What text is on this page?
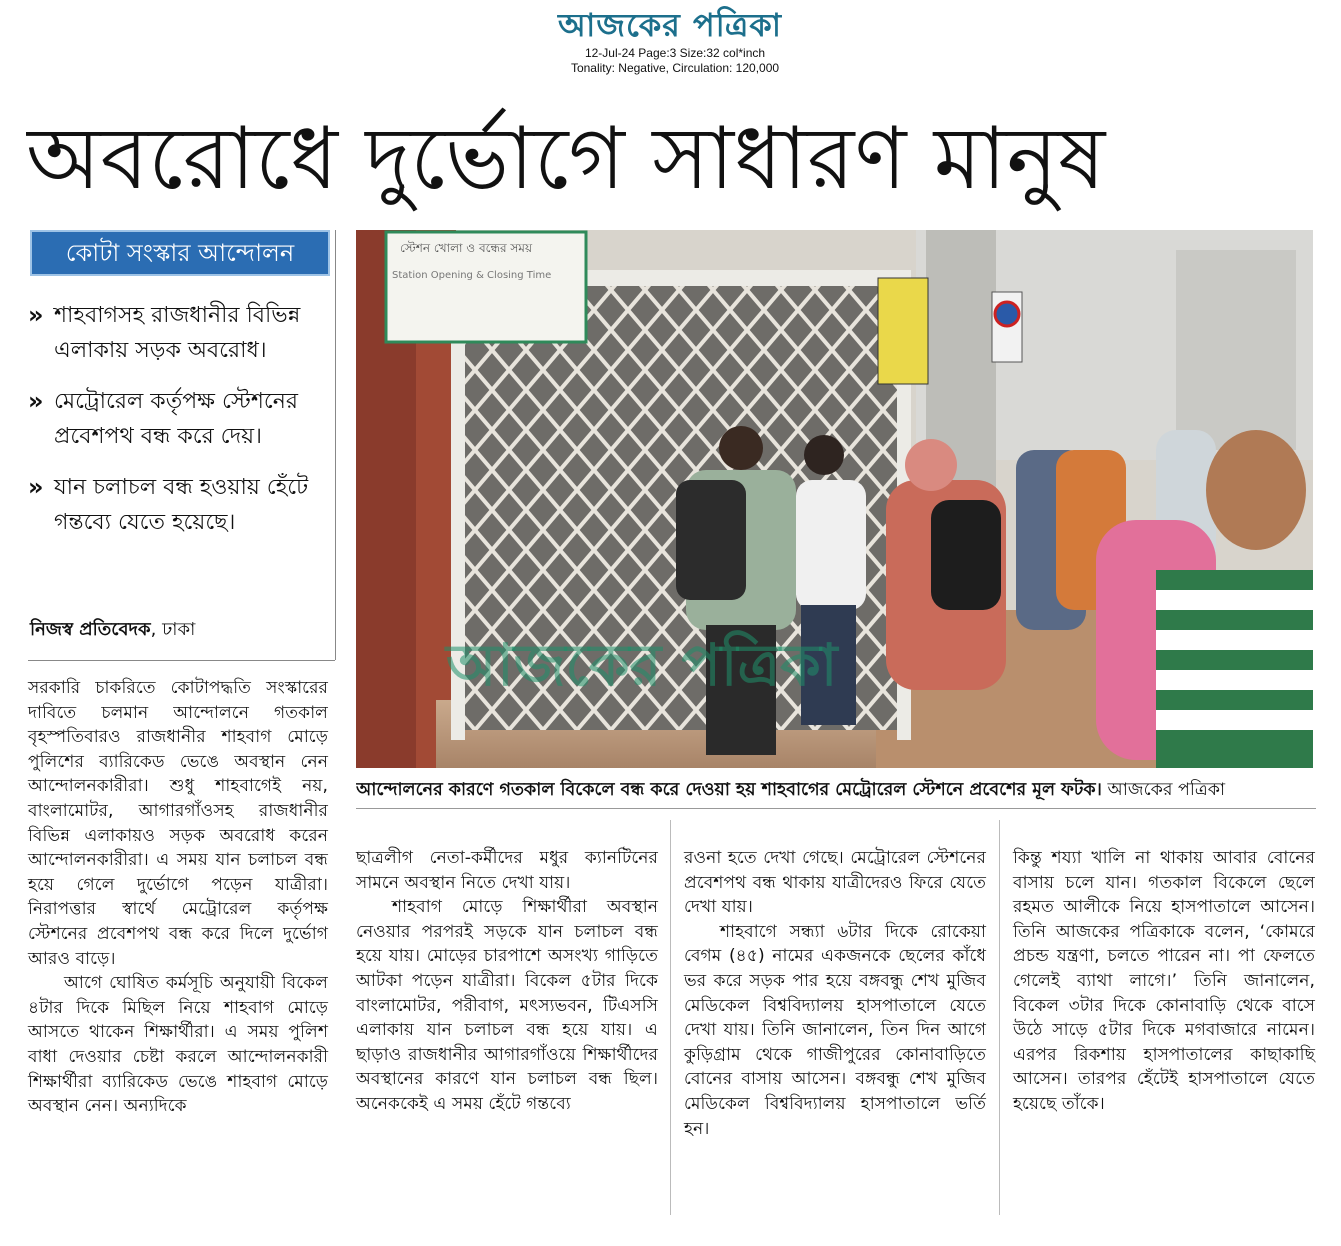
আজকের পত্রিকা
12-Jul-24 Page:3 Size:32 col*inch
Tonality: Negative, Circulation: 120,000
অবরোধে দুর্ভোগে সাধারণ মানুষ
কোটা সংস্কার আন্দোলন
» শাহবাগসহ রাজধানীর বিভিন্ন এলাকায় সড়ক অবরোধ।
» মেট্রোরেল কর্তৃপক্ষ স্টেশনের প্রবেশপথ বন্ধ করে দেয়।
» যান চলাচল বন্ধ হওয়ায় হেঁটে গন্তব্যে যেতে হয়েছে।
নিজস্ব প্রতিবেদক, ঢাকা

সরকারি চাকরিতে কোটাপদ্ধতি সংস্কারের দাবিতে চলমান আন্দোলনে গতকাল বৃহস্পতিবারও রাজধানীর শাহবাগ মোড়ে পুলিশের ব্যারিকেড ভেঙে অবস্থান নেন আন্দোলনকারীরা। শুধু শাহবাগেই নয়, বাংলামোটর, আগারগাঁওসহ রাজধানীর বিভিন্ন এলাকায়ও সড়ক অবরোধ করেন আন্দোলনকারীরা। এ সময় যান চলাচল বন্ধ হয়ে গেলে দুর্ভোগে পড়েন যাত্রীরা। নিরাপত্তার স্বার্থে মেট্রোরেল কর্তৃপক্ষ স্টেশনের প্রবেশপথ বন্ধ করে দিলে দুর্ভোগ আরও বাড়ে।

আগে ঘোষিত কর্মসূচি অনুযায়ী বিকেল ৪টার দিকে মিছিল নিয়ে শাহবাগ মোড়ে আসতে থাকেন শিক্ষার্থীরা। এ সময় পুলিশ বাধা দেওয়ার চেষ্টা করলে আন্দোলনকারী শিক্ষার্থীরা ব্যারিকেড ভেঙে শাহবাগ মোড়ে অবস্থান নেন। অন্যদিকে

স্টেশন খোলা ও বন্ধের সময়
Station Opening & Closing Time
আজকের পত্রিকা
আন্দোলনের কারণে গতকাল বিকেলে বন্ধ করে দেওয়া হয় শাহবাগের মেট্রোরেল স্টেশনে প্রবেশের মূল ফটক। আজকের পত্রিকা

ছাত্রলীগ নেতা-কর্মীদের মধুর ক্যানটিনের সামনে অবস্থান নিতে দেখা যায়।

শাহবাগ মোড়ে শিক্ষার্থীরা অবস্থান নেওয়ার পরপরই সড়কে যান চলাচল বন্ধ হয়ে যায়। মোড়ের চারপাশে অসংখ্য গাড়িতে আটকা পড়েন যাত্রীরা। বিকেল ৫টার দিকে বাংলামোটর, পরীবাগ, মৎস্যভবন, টিএসসি এলাকায় যান চলাচল বন্ধ হয়ে যায়। এ ছাড়াও রাজধানীর আগারগাঁওয়ে শিক্ষার্থীদের অবস্থানের কারণে যান চলাচল বন্ধ ছিল। অনেককেই এ সময় হেঁটে গন্তব্যে

রওনা হতে দেখা গেছে। মেট্রোরেল স্টেশনের প্রবেশপথ বন্ধ থাকায় যাত্রীদেরও ফিরে যেতে দেখা যায়।

শাহবাগে সন্ধ্যা ৬টার দিকে রোকেয়া বেগম (৪৫) নামের একজনকে ছেলের কাঁধে ভর করে সড়ক পার হয়ে বঙ্গবন্ধু শেখ মুজিব মেডিকেল বিশ্ববিদ্যালয় হাসপাতালে যেতে দেখা যায়। তিনি জানালেন, তিন দিন আগে কুড়িগ্রাম থেকে গাজীপুরের কোনাবাড়িতে বোনের বাসায় আসেন। বঙ্গবন্ধু শেখ মুজিব মেডিকেল বিশ্ববিদ্যালয় হাসপাতালে ভর্তি হন।

কিন্তু শয্যা খালি না থাকায় আবার বোনের বাসায় চলে যান। গতকাল বিকেলে ছেলে রহমত আলীকে নিয়ে হাসপাতালে আসেন। তিনি আজকের পত্রিকাকে বলেন, ‘কোমরে প্রচন্ড যন্ত্রণা, চলতে পারেন না। পা ফেলতে গেলেই ব্যাথা লাগে।’ তিনি জানালেন, বিকেল ৩টার দিকে কোনাবাড়ি থেকে বাসে উঠে সাড়ে ৫টার দিকে মগবাজারে নামেন। এরপর রিকশায় হাসপাতালের কাছাকাছি আসেন। তারপর হেঁটেই হাসপাতালে যেতে হয়েছে তাঁকে।
